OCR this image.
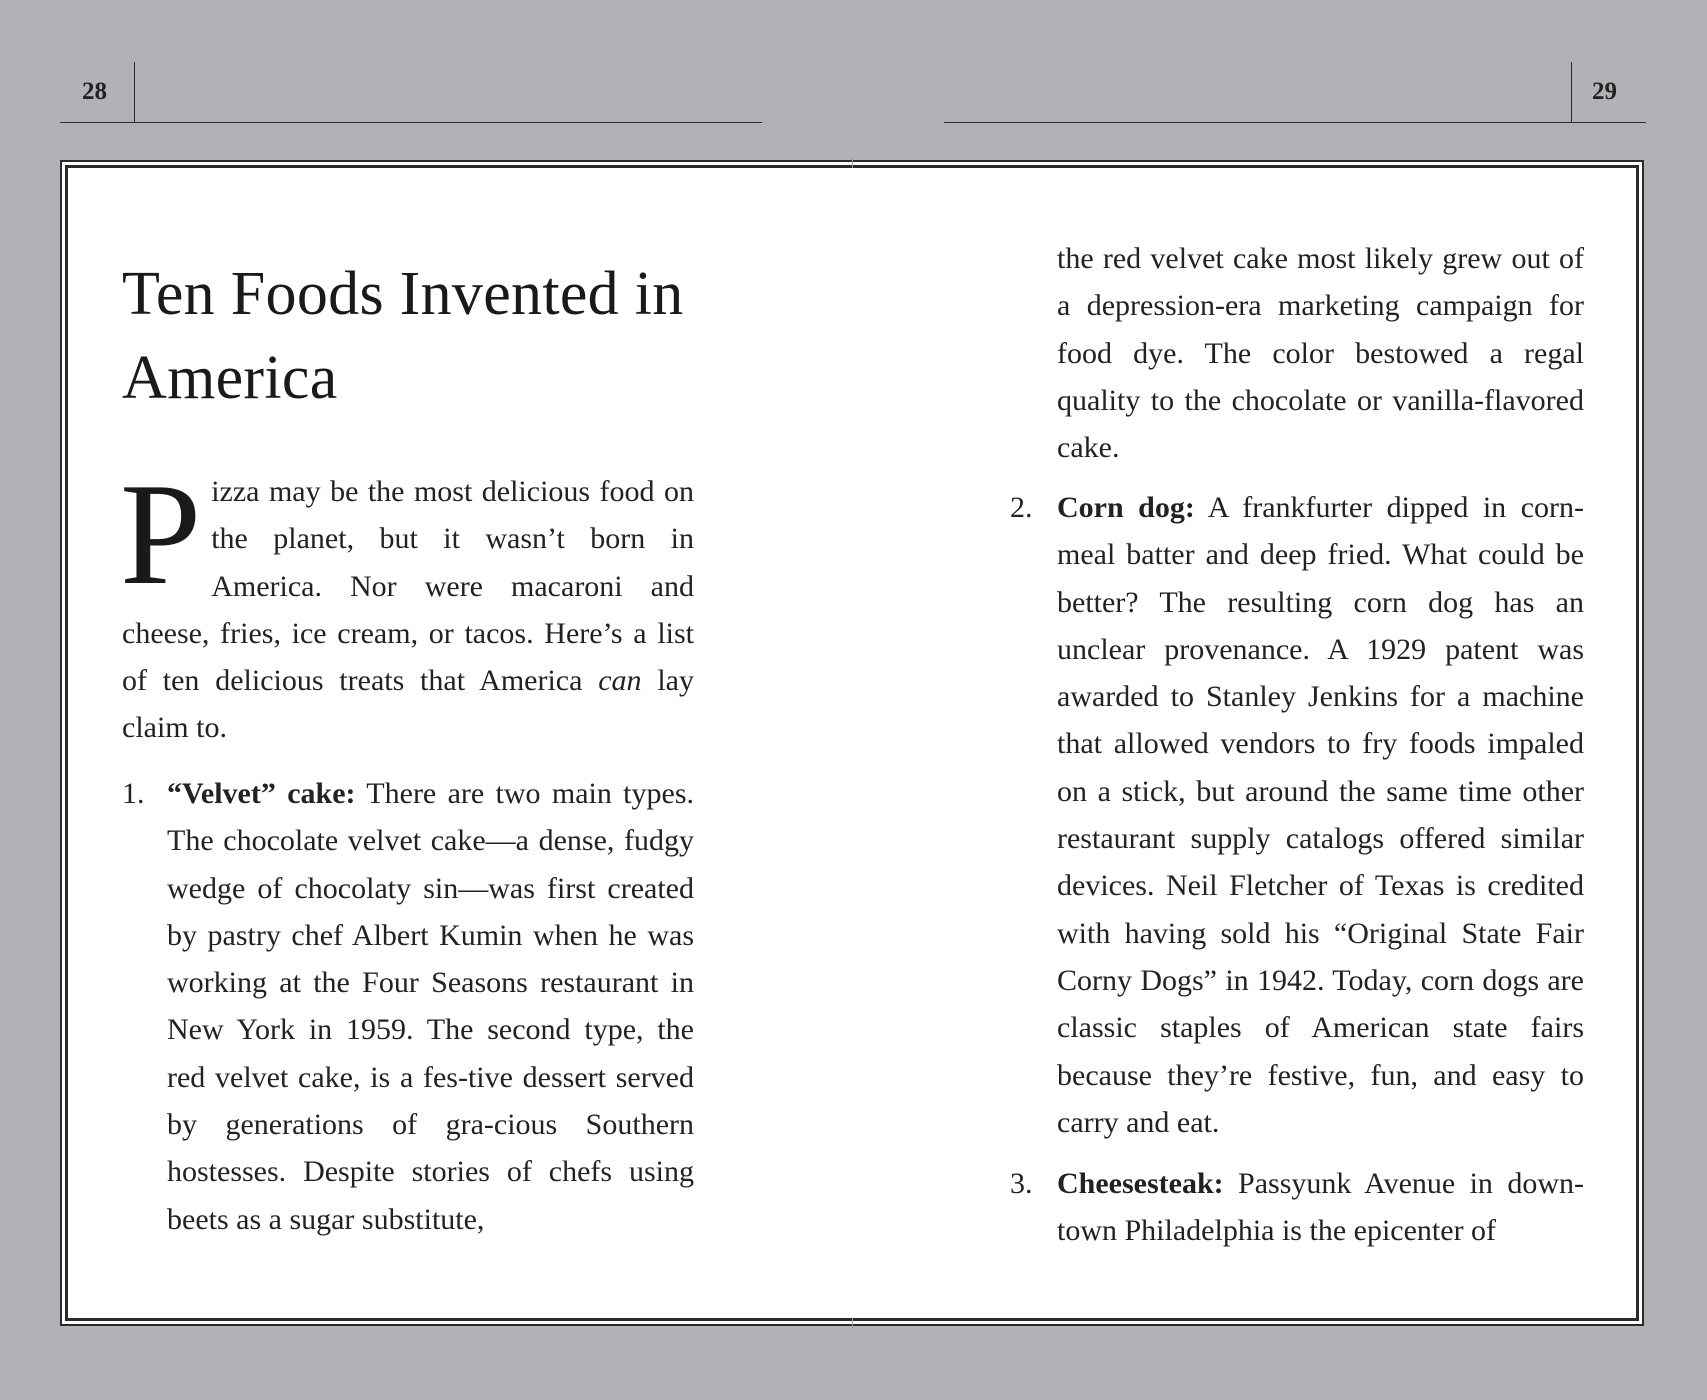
28	29
Ten Foods Invented in America

Pizza may be the most delicious food on the planet, but it wasn’t born in America. Nor were macaroni and cheese, fries, ice cream, or tacos. Here’s a list of ten delicious treats that America can lay claim to.

1. “Velvet” cake: There are two main types. The chocolate velvet cake—a dense, fudgy wedge of chocolaty sin—was first created by pastry chef Albert Kumin when he was working at the Four Seasons restaurant in New York in 1959. The second type, the red velvet cake, is a fes-tive dessert served by generations of gra-cious Southern hostesses. Despite stories of chefs using beets as a sugar substitute,

the red velvet cake most likely grew out of a depression-era marketing campaign for food dye. The color bestowed a regal quality to the chocolate or vanilla-flavored cake.

2. Corn dog: A frankfurter dipped in corn-meal batter and deep fried. What could be better? The resulting corn dog has an unclear provenance. A 1929 patent was awarded to Stanley Jenkins for a machine that allowed vendors to fry foods impaled on a stick, but around the same time other restaurant supply catalogs offered similar devices. Neil Fletcher of Texas is credited with having sold his “Original State Fair Corny Dogs” in 1942. Today, corn dogs are classic staples of American state fairs because they’re festive, fun, and easy to carry and eat.

3. Cheesesteak: Passyunk Avenue in down-town Philadelphia is the epicenter of
